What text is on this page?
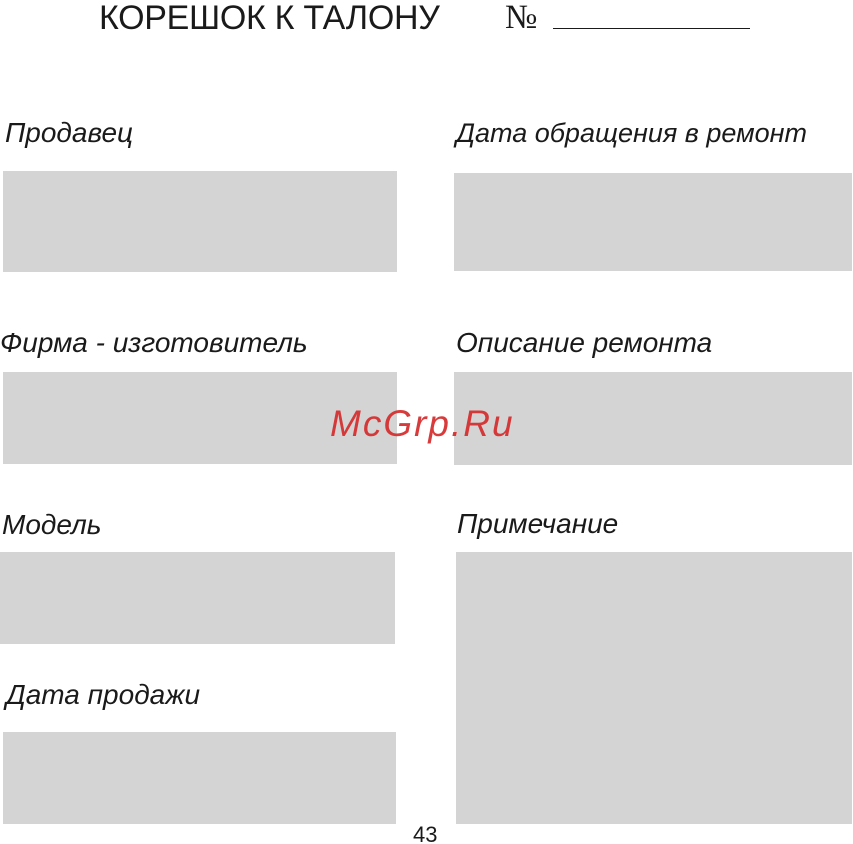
КОРЕШОК К ТАЛОНУ №
Продавец
Фирма - изготовитель
Модель
Дата продажи
Дата обращения в ремонт
Описание ремонта
Примечание
McGrp.Ru
43
